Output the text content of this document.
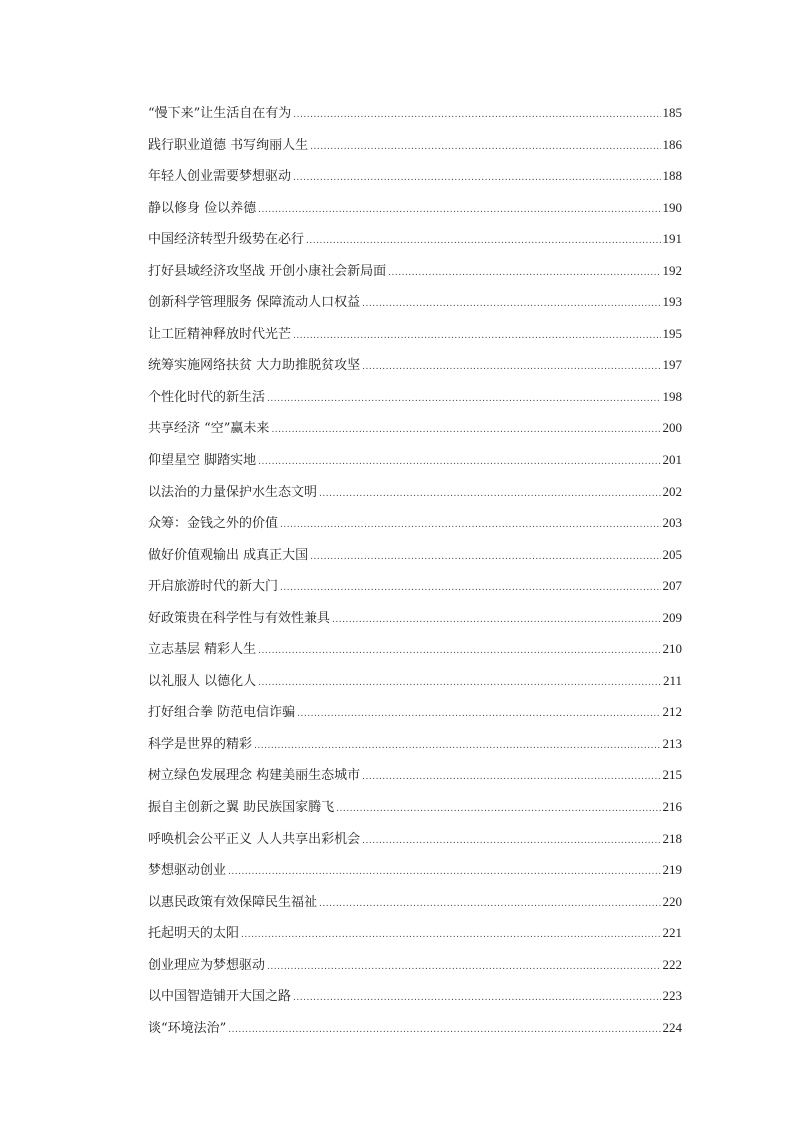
“慢下来”让生活自在有为 .....	185
践行职业道德 书写绚丽人生 .....	186
年轻人创业需要梦想驱动 .....	188
静以修身 俭以养德 .....	190
中国经济转型升级势在必行 .....	191
打好县域经济攻坚战 开创小康社会新局面 .....	192
创新科学管理服务 保障流动人口权益 .....	193
让工匠精神释放时代光芒 .....	195
统筹实施网络扶贫 大力助推脱贫攻坚 .....	197
个性化时代的新生活 .....	198
共享经济 “空”赢未来 .....	200
仰望星空 脚踏实地 .....	201
以法治的力量保护水生态文明 .....	202
众筹：金钱之外的价值 .....	203
做好价值观输出 成真正大国 .....	205
开启旅游时代的新大门 .....	207
好政策贵在科学性与有效性兼具 .....	209
立志基层 精彩人生 .....	210
以礼服人 以德化人 .....	211
打好组合拳 防范电信诈骗 .....	212
科学是世界的精彩 .....	213
树立绿色发展理念 构建美丽生态城市 .....	215
振自主创新之翼 助民族国家腾飞 .....	216
呼唤机会公平正义 人人共享出彩机会 .....	218
梦想驱动创业 .....	219
以惠民政策有效保障民生福祉 .....	220
托起明天的太阳 .....	221
创业理应为梦想驱动 .....	222
以中国智造铺开大国之路 .....	223
谈“环境法治” .....	224
